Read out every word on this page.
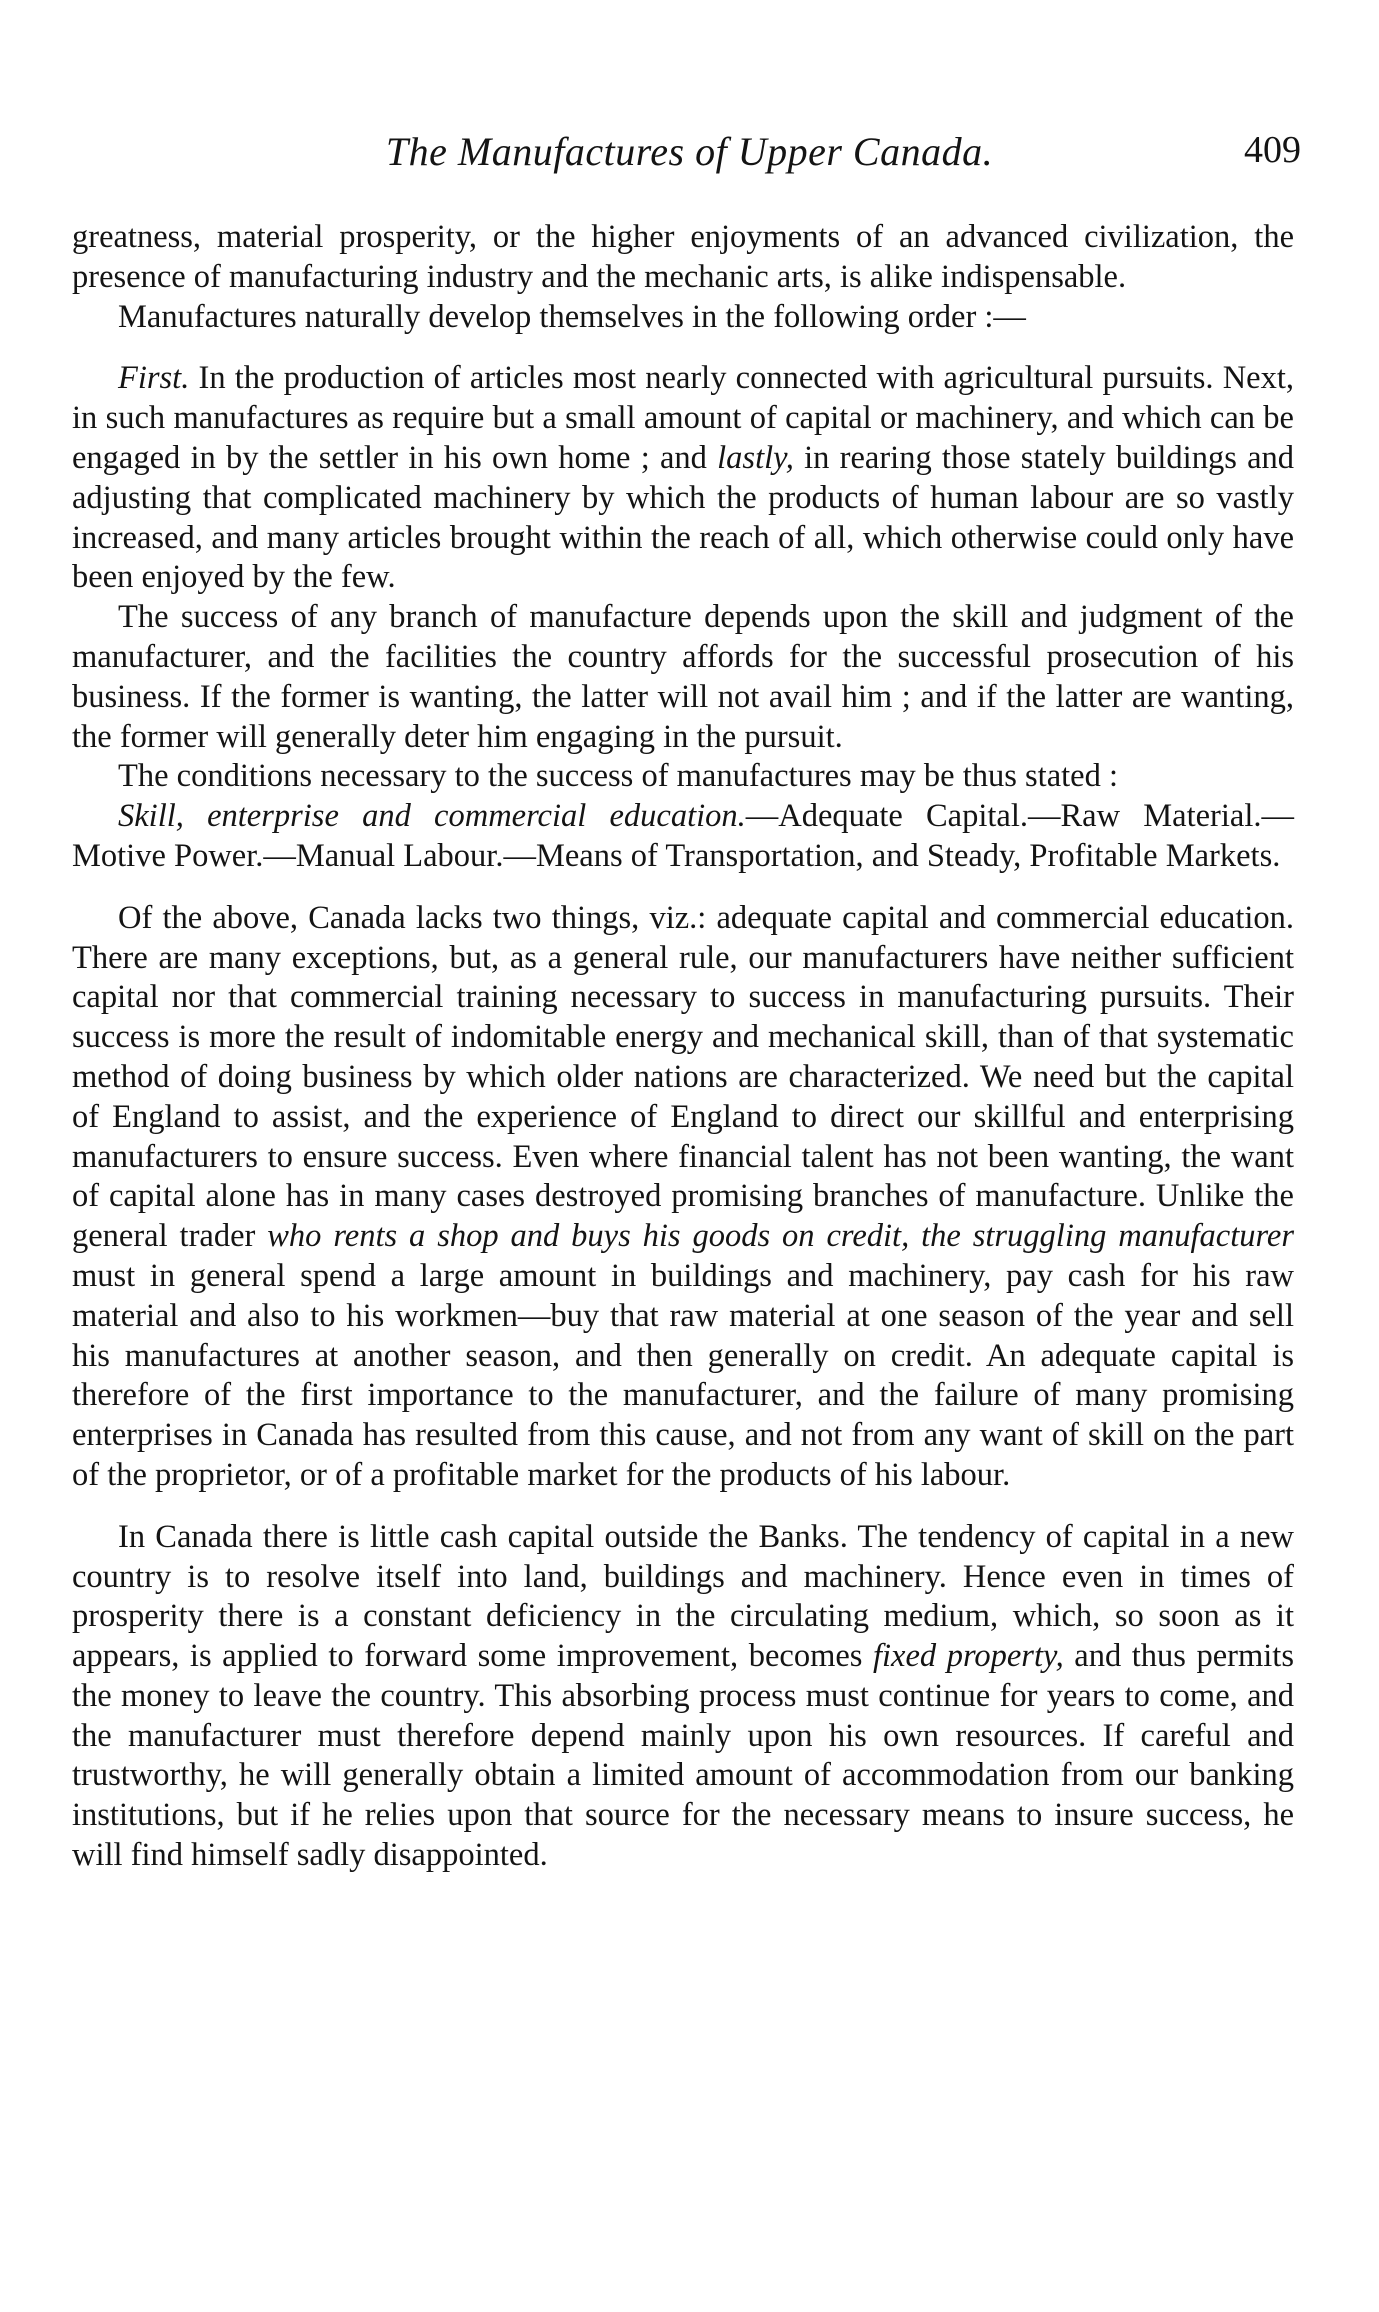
The Manufactures of Upper Canada.	409

greatness, material prosperity, or the higher enjoyments of an advanced civilization, the presence of manufacturing industry and the mechanic arts, is alike indispensable.

Manufactures naturally develop themselves in the following order :—

First. In the production of articles most nearly connected with agricultural pursuits. Next, in such manufactures as require but a small amount of capital or machinery, and which can be engaged in by the settler in his own home ; and lastly, in rearing those stately buildings and adjusting that complicated machinery by which the products of human labour are so vastly increased, and many articles brought within the reach of all, which otherwise could only have been enjoyed by the few.

The success of any branch of manufacture depends upon the skill and judgment of the manufacturer, and the facilities the country affords for the successful prosecution of his business. If the former is wanting, the latter will not avail him ; and if the latter are wanting, the former will generally deter him engaging in the pursuit.

The conditions necessary to the success of manufactures may be thus stated :

Skill, enterprise and commercial education.—Adequate Capital.—Raw Material.—Motive Power.—Manual Labour.—Means of Transportation, and Steady, Profitable Markets.

Of the above, Canada lacks two things, viz.: adequate capital and commercial education. There are many exceptions, but, as a general rule, our manufacturers have neither sufficient capital nor that commercial training necessary to success in manufacturing pursuits. Their success is more the result of indomitable energy and mechanical skill, than of that systematic method of doing business by which older nations are characterized. We need but the capital of England to assist, and the experience of England to direct our skillful and enterprising manufacturers to ensure success. Even where financial talent has not been wanting, the want of capital alone has in many cases destroyed promising branches of manufacture. Unlike the general trader who rents a shop and buys his goods on credit, the struggling manufacturer must in general spend a large amount in buildings and machinery, pay cash for his raw material and also to his workmen—buy that raw material at one season of the year and sell his manufactures at another season, and then generally on credit. An adequate capital is therefore of the first importance to the manufacturer, and the failure of many promising enterprises in Canada has resulted from this cause, and not from any want of skill on the part of the proprietor, or of a profitable market for the products of his labour.

In Canada there is little cash capital outside the Banks. The tendency of capital in a new country is to resolve itself into land, buildings and machinery. Hence even in times of prosperity there is a constant deficiency in the circulating medium, which, so soon as it appears, is applied to forward some improvement, becomes fixed property, and thus permits the money to leave the country. This absorbing process must continue for years to come, and the manufacturer must therefore depend mainly upon his own resources. If careful and trustworthy, he will generally obtain a limited amount of accommodation from our banking institutions, but if he relies upon that source for the necessary means to insure success, he will find himself sadly disappointed.
